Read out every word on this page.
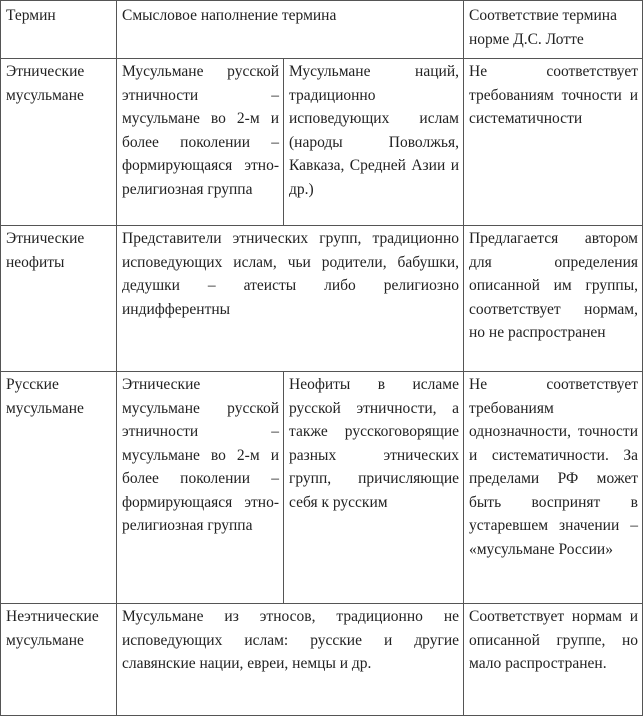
Термин	Смысловое наполнение термина		Соответствие термина норме Д.С. Лотте
Этнические мусульмане	Мусульмане русской этничности – мусульмане во 2-м и более поколении – формирующаяся этно-религиозная группа	Мусульмане наций, традиционно исповедующих ислам (народы Поволжья, Кавказа, Средней Азии и др.)	Не соответствует требованиям точности и систематичности
Этнические неофиты	Представители этнических групп, традиционно исповедующих ислам, чьи родители, бабушки, дедушки – атеисты либо религиозно индифферентны		Предлагается автором для определения описанной им группы, соответствует нормам, но не распространен
Русские мусульмане	Этнические мусульмане русской этничности – мусульмане во 2-м и более поколении – формирующаяся этно-религиозная группа	Неофиты в исламе русской этничности, а также русскоговорящие разных этнических групп, причисляющие себя к русским	Не соответствует требованиям однозначности, точности и систематичности. За пределами РФ может быть воспринят в устаревшем значении – «мусульмане России»
Неэтнические мусульмане	Мусульмане из этносов, традиционно не исповедующих ислам: русские и другие славянские нации, евреи, немцы и др.		Соответствует нормам и описанной группе, но мало распространен.
